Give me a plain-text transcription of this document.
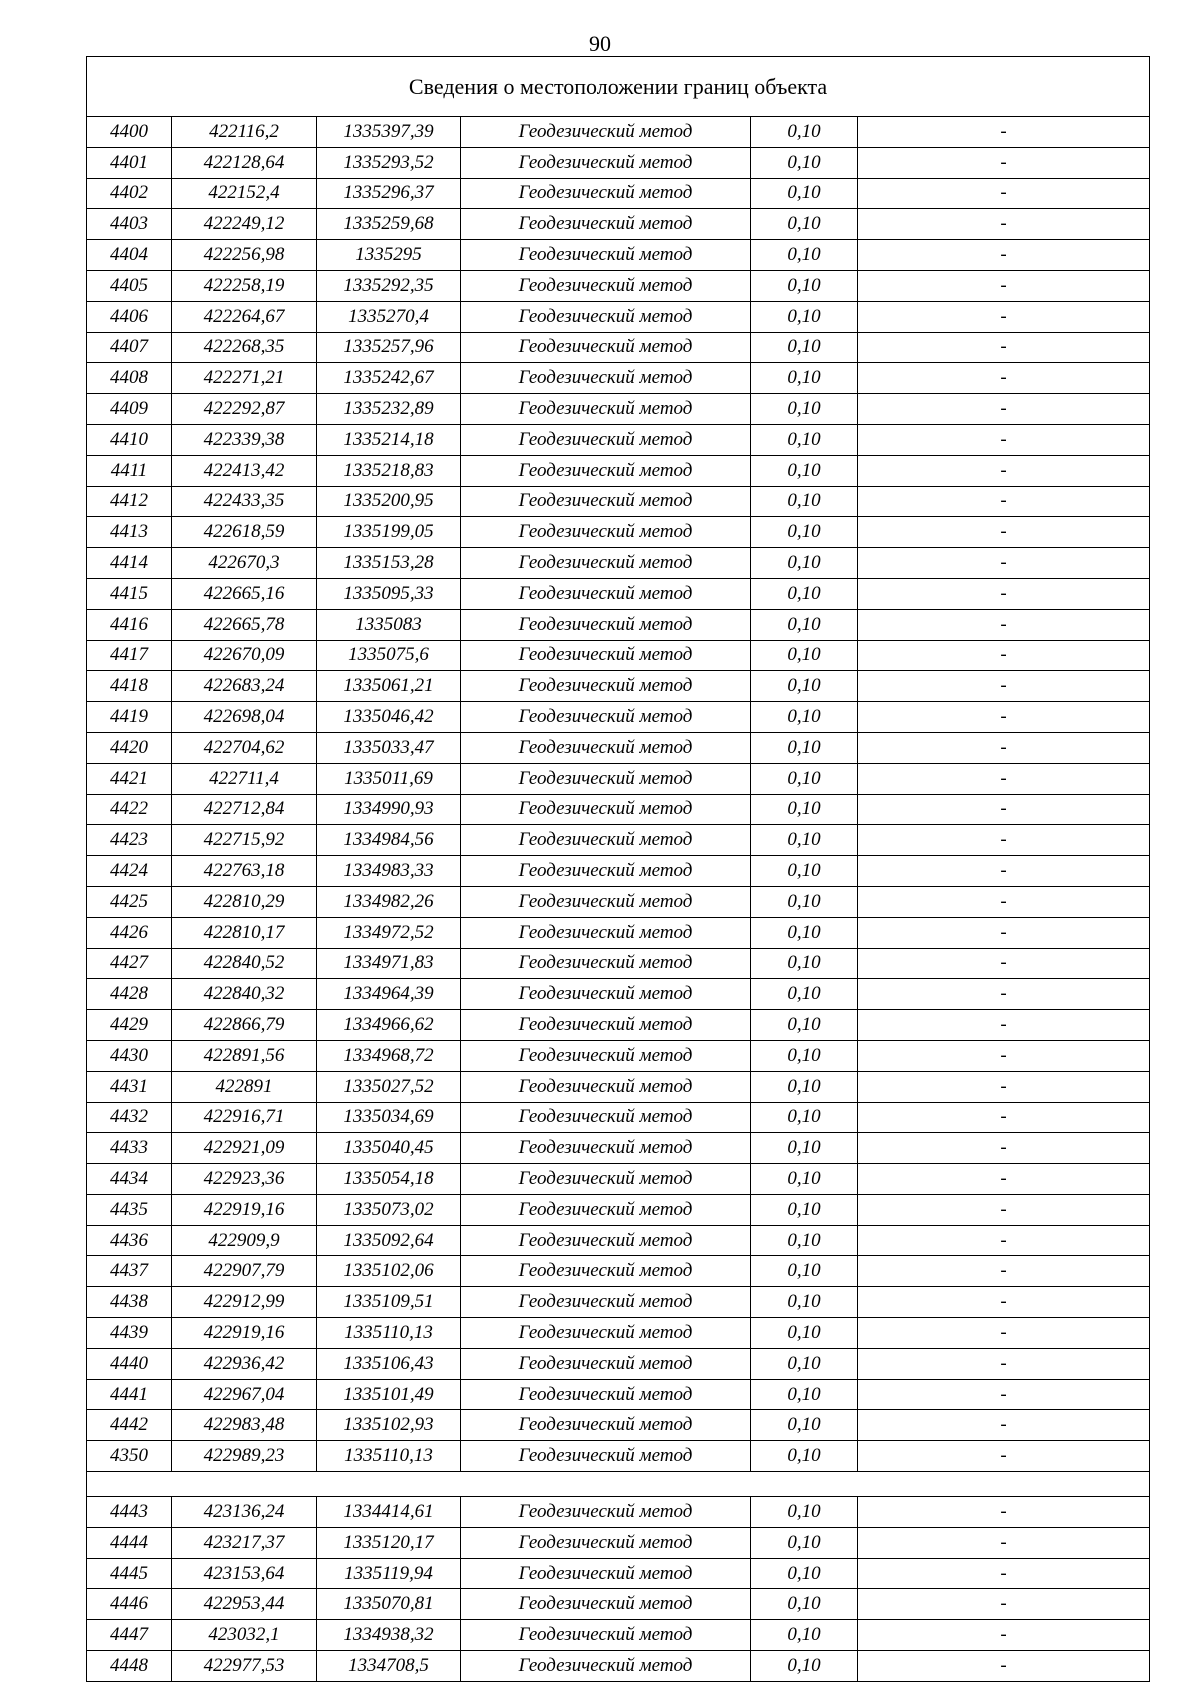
90
Сведения о местоположении границ объекта					
4400	422116,2	1335397,39	Геодезический метод	0,10	-
4401	422128,64	1335293,52	Геодезический метод	0,10	-
4402	422152,4	1335296,37	Геодезический метод	0,10	-
4403	422249,12	1335259,68	Геодезический метод	0,10	-
4404	422256,98	1335295	Геодезический метод	0,10	-
4405	422258,19	1335292,35	Геодезический метод	0,10	-
4406	422264,67	1335270,4	Геодезический метод	0,10	-
4407	422268,35	1335257,96	Геодезический метод	0,10	-
4408	422271,21	1335242,67	Геодезический метод	0,10	-
4409	422292,87	1335232,89	Геодезический метод	0,10	-
4410	422339,38	1335214,18	Геодезический метод	0,10	-
4411	422413,42	1335218,83	Геодезический метод	0,10	-
4412	422433,35	1335200,95	Геодезический метод	0,10	-
4413	422618,59	1335199,05	Геодезический метод	0,10	-
4414	422670,3	1335153,28	Геодезический метод	0,10	-
4415	422665,16	1335095,33	Геодезический метод	0,10	-
4416	422665,78	1335083	Геодезический метод	0,10	-
4417	422670,09	1335075,6	Геодезический метод	0,10	-
4418	422683,24	1335061,21	Геодезический метод	0,10	-
4419	422698,04	1335046,42	Геодезический метод	0,10	-
4420	422704,62	1335033,47	Геодезический метод	0,10	-
4421	422711,4	1335011,69	Геодезический метод	0,10	-
4422	422712,84	1334990,93	Геодезический метод	0,10	-
4423	422715,92	1334984,56	Геодезический метод	0,10	-
4424	422763,18	1334983,33	Геодезический метод	0,10	-
4425	422810,29	1334982,26	Геодезический метод	0,10	-
4426	422810,17	1334972,52	Геодезический метод	0,10	-
4427	422840,52	1334971,83	Геодезический метод	0,10	-
4428	422840,32	1334964,39	Геодезический метод	0,10	-
4429	422866,79	1334966,62	Геодезический метод	0,10	-
4430	422891,56	1334968,72	Геодезический метод	0,10	-
4431	422891	1335027,52	Геодезический метод	0,10	-
4432	422916,71	1335034,69	Геодезический метод	0,10	-
4433	422921,09	1335040,45	Геодезический метод	0,10	-
4434	422923,36	1335054,18	Геодезический метод	0,10	-
4435	422919,16	1335073,02	Геодезический метод	0,10	-
4436	422909,9	1335092,64	Геодезический метод	0,10	-
4437	422907,79	1335102,06	Геодезический метод	0,10	-
4438	422912,99	1335109,51	Геодезический метод	0,10	-
4439	422919,16	1335110,13	Геодезический метод	0,10	-
4440	422936,42	1335106,43	Геодезический метод	0,10	-
4441	422967,04	1335101,49	Геодезический метод	0,10	-
4442	422983,48	1335102,93	Геодезический метод	0,10	-
4350	422989,23	1335110,13	Геодезический метод	0,10	-

4443	423136,24	1334414,61	Геодезический метод	0,10	-
4444	423217,37	1335120,17	Геодезический метод	0,10	-
4445	423153,64	1335119,94	Геодезический метод	0,10	-
4446	422953,44	1335070,81	Геодезический метод	0,10	-
4447	423032,1	1334938,32	Геодезический метод	0,10	-
4448	422977,53	1334708,5	Геодезический метод	0,10	-
